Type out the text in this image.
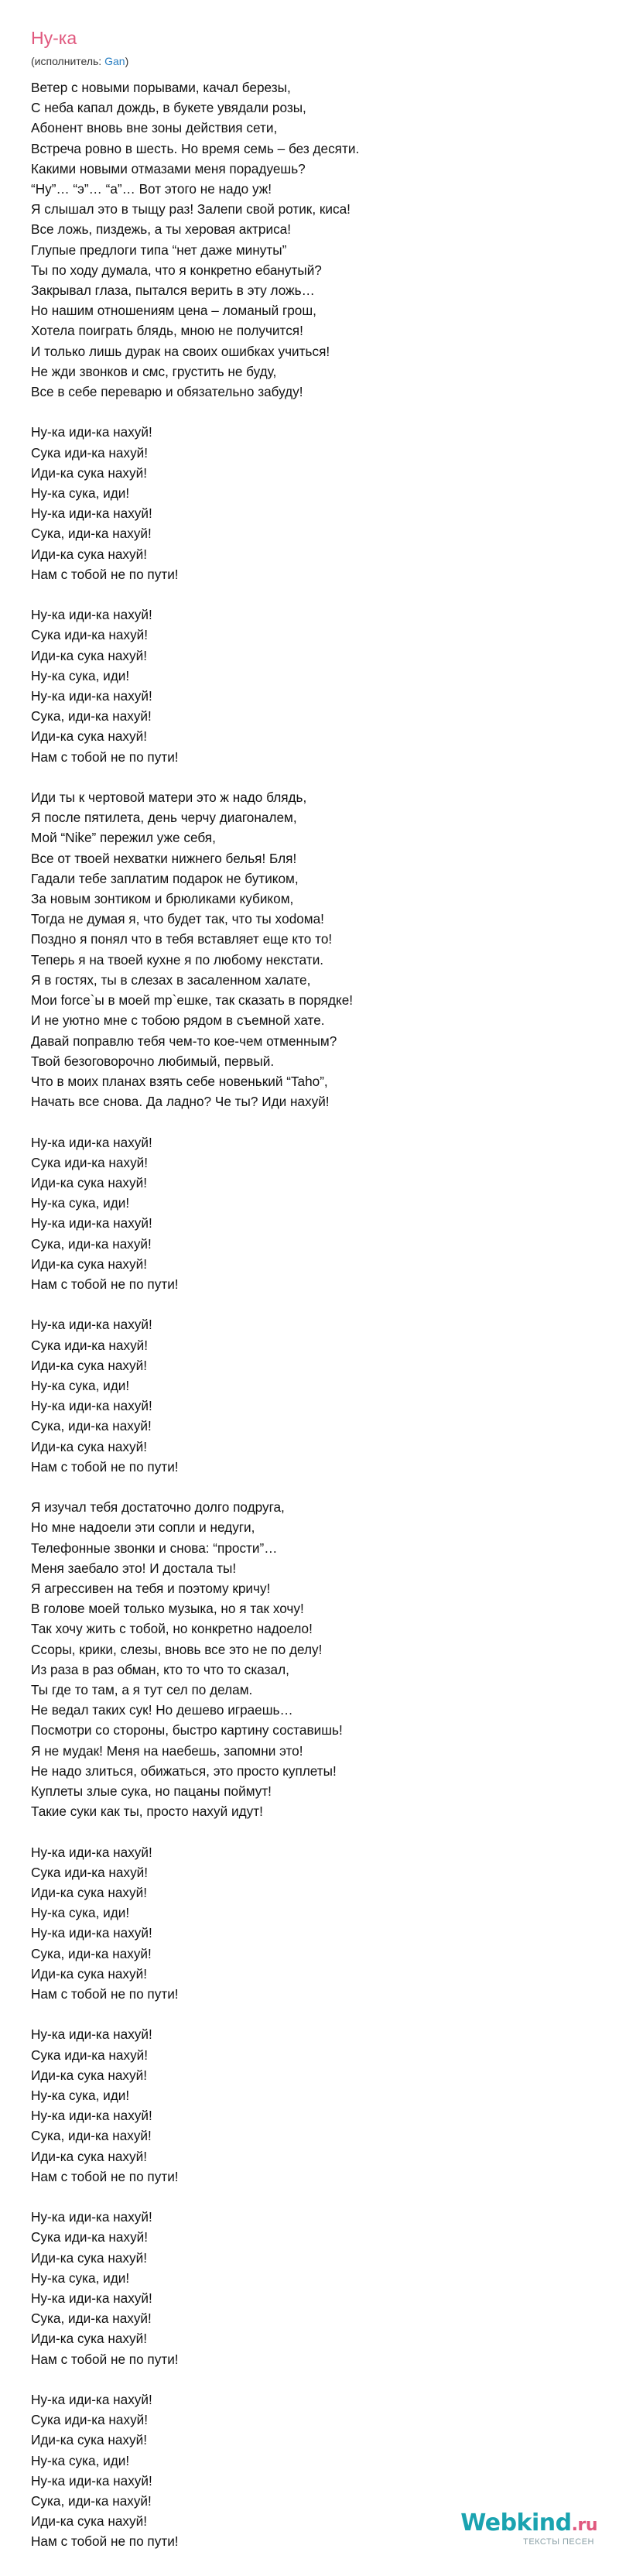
Ну-ка
(исполнитель: Gan)
Ветер с новыми порывами, качал березы,
С неба капал дождь, в букете увядали розы,
Абонент вновь вне зоны действия сети,
Встреча ровно в шесть. Но время семь – без десяти.
Какими новыми отмазами меня порадуешь?
“Ну”… “э”… “а”… Вот этого не надо уж!
Я слышал это в тыщу раз! Залепи свой ротик, киса!
Все ложь, пиздежь, а ты херовая актриса!
Глупые предлоги типа “нет даже минуты”
Ты по ходу думала, что я конкретно ебанутый?
Закрывал глаза, пытался верить в эту ложь…
Но нашим отношениям цена – ломаный грош,
Хотела поиграть блядь, мною не получится!
И только лишь дурак на своих ошибках учиться!
Не жди звонков и смс, грустить не буду,
Все в себе переварю и обязательно забуду!
Ну-ка иди-ка нахуй!
Сука иди-ка нахуй!
Иди-ка сука нахуй!
Ну-ка сука, иди!
Ну-ка иди-ка нахуй!
Сука, иди-ка нахуй!
Иди-ка сука нахуй!
Нам с тобой не по пути!
Ну-ка иди-ка нахуй!
Сука иди-ка нахуй!
Иди-ка сука нахуй!
Ну-ка сука, иди!
Ну-ка иди-ка нахуй!
Сука, иди-ка нахуй!
Иди-ка сука нахуй!
Нам с тобой не по пути!
Иди ты к чертовой матери это ж надо блядь,
Я после пятилета, день черчу диагоналем,
Мой “Nike” пережил уже себя,
Все от твоей нехватки нижнего белья! Бля!
Гадали тебе заплатим подарок не бутиком,
За новым зонтиком и брюликами кубиком,
Тогда не думая я, что будет так, что ты хodoма!
Поздно я понял что в тебя вставляет еще кто то!
Теперь я на твоей кухне я по любому некстати.
Я в гостях, ты в слезах в засаленном халате,
Мои force`ы в моей mp`ешке, так сказать в порядке!
И не уютно мне с тобою рядом в съемной хате.
Давай поправлю тебя чем-то кое-чем отменным?
Твой безоговорочно любимый, первый.
Что в моих планах взять себе новенький “Taho”,
Начать все снова. Да ладно? Че ты? Иди нахуй!
Ну-ка иди-ка нахуй!
Сука иди-ка нахуй!
Иди-ка сука нахуй!
Ну-ка сука, иди!
Ну-ка иди-ка нахуй!
Сука, иди-ка нахуй!
Иди-ка сука нахуй!
Нам с тобой не по пути!
Ну-ка иди-ка нахуй!
Сука иди-ка нахуй!
Иди-ка сука нахуй!
Ну-ка сука, иди!
Ну-ка иди-ка нахуй!
Сука, иди-ка нахуй!
Иди-ка сука нахуй!
Нам с тобой не по пути!
Я изучал тебя достаточно долго подруга,
Но мне надоели эти сопли и недуги,
Телефонные звонки и снова: “прости”…
Меня заебало это! И достала ты!
Я агрессивен на тебя и поэтому кричу!
В голове моей только музыка, но я так хочу!
Так хочу жить с тобой, но конкретно надоело!
Ссоры, крики, слезы, вновь все это не по делу!
Из раза в раз обман, кто то что то сказал,
Ты где то там, а я тут сел по делам.
Не ведал таких сук! Но дешево играешь…
Посмотри со стороны, быстро картину составишь!
Я не мудак! Меня на наебешь, запомни это!
Не надо злиться, обижаться, это просто куплеты!
Куплеты злые сука, но пацаны поймут!
Такие суки как ты, просто нахуй идут!
Ну-ка иди-ка нахуй!
Сука иди-ка нахуй!
Иди-ка сука нахуй!
Ну-ка сука, иди!
Ну-ка иди-ка нахуй!
Сука, иди-ка нахуй!
Иди-ка сука нахуй!
Нам с тобой не по пути!
Ну-ка иди-ка нахуй!
Сука иди-ка нахуй!
Иди-ка сука нахуй!
Ну-ка сука, иди!
Ну-ка иди-ка нахуй!
Сука, иди-ка нахуй!
Иди-ка сука нахуй!
Нам с тобой не по пути!
Ну-ка иди-ка нахуй!
Сука иди-ка нахуй!
Иди-ка сука нахуй!
Ну-ка сука, иди!
Ну-ка иди-ка нахуй!
Сука, иди-ка нахуй!
Иди-ка сука нахуй!
Нам с тобой не по пути!
Ну-ка иди-ка нахуй!
Сука иди-ка нахуй!
Иди-ка сука нахуй!
Ну-ка сука, иди!
Ну-ка иди-ка нахуй!
Сука, иди-ка нахуй!
Иди-ка сука нахуй!
Нам с тобой не по пути!
Webkind.ru
ТЕКСТЫ ПЕСЕН
